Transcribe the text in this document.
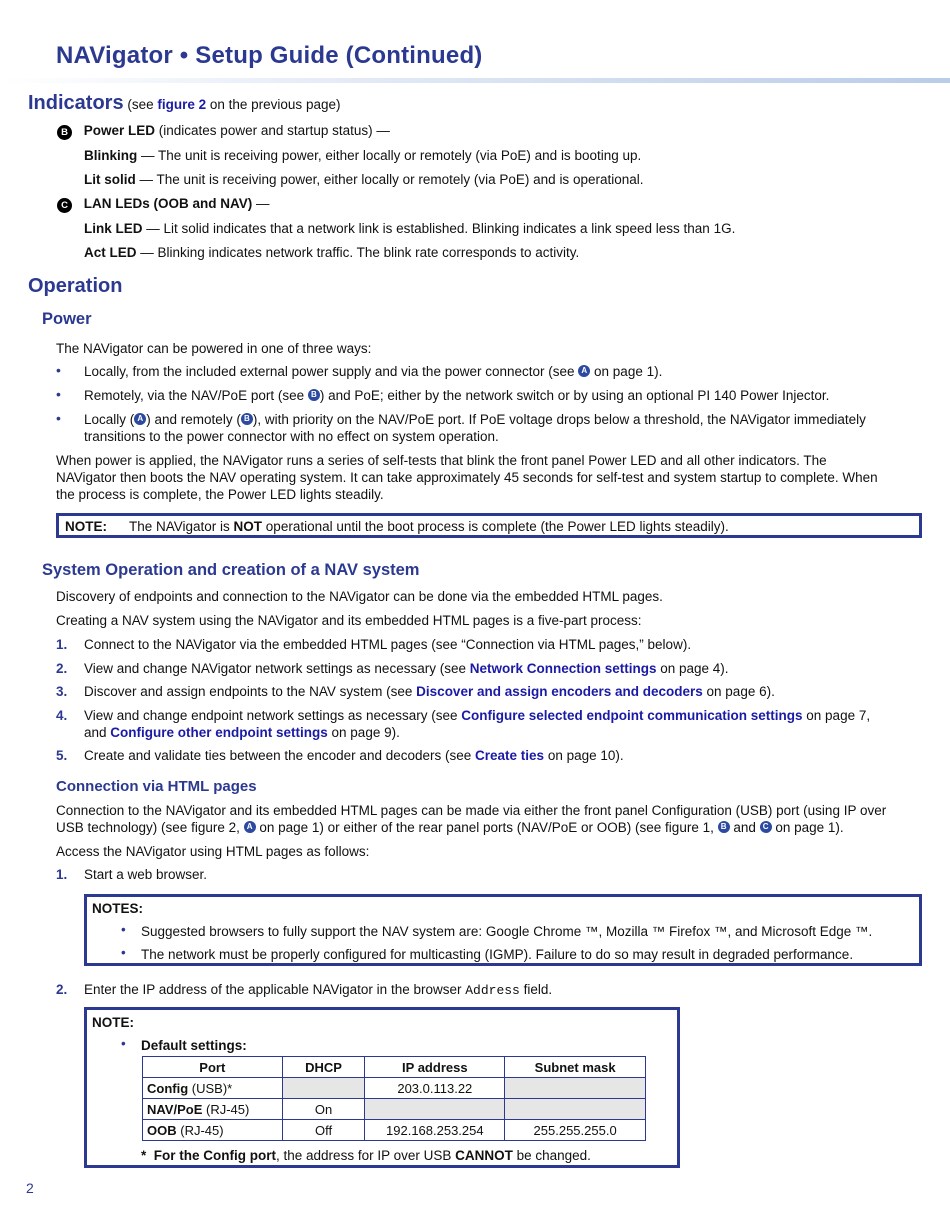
NAVigator • Setup Guide (Continued)
Indicators (see figure 2 on the previous page)
B Power LED (indicates power and startup status) —
Blinking — The unit is receiving power, either locally or remotely (via PoE) and is booting up.
Lit solid — The unit is receiving power, either locally or remotely (via PoE) and is operational.
C LAN LEDs (OOB and NAV) —
Link LED — Lit solid indicates that a network link is established. Blinking indicates a link speed less than 1G.
Act LED — Blinking indicates network traffic. The blink rate corresponds to activity.
Operation
Power
The NAVigator can be powered in one of three ways:
• Locally, from the included external power supply and via the power connector (see A on page 1).
• Remotely, via the NAV/PoE port (see B ) and PoE; either by the network switch or by using an optional PI 140 Power Injector.
• Locally ( A ) and remotely ( B ), with priority on the NAV/PoE port. If PoE voltage drops below a threshold, the NAVigator immediately
transitions to the power connector with no effect on system operation.
When power is applied, the NAVigator runs a series of self-tests that blink the front panel Power LED and all other indicators. The
NAVigator then boots the NAV operating system. It can take approximately 45 seconds for self-test and system startup to complete. When
the process is complete, the Power LED lights steadily.
NOTE: The NAVigator is NOT operational until the boot process is complete (the Power LED lights steadily).
System Operation and creation of a NAV system
Discovery of endpoints and connection to the NAVigator can be done via the embedded HTML pages.
Creating a NAV system using the NAVigator and its embedded HTML pages is a five-part process:
1. Connect to the NAVigator via the embedded HTML pages (see “Connection via HTML pages,” below).
2. View and change NAVigator network settings as necessary (see Network Connection settings on page 4).
3. Discover and assign endpoints to the NAV system (see Discover and assign encoders and decoders on page 6).
4. View and change endpoint network settings as necessary (see Configure selected endpoint communication settings on page 7,
and Configure other endpoint settings on page 9).
5. Create and validate ties between the encoder and decoders (see Create ties on page 10).
Connection via HTML pages
Connection to the NAVigator and its embedded HTML pages can be made via either the front panel Configuration (USB) port (using IP over
USB technology) (see figure 2, A on page 1) or either of the rear panel ports (NAV/PoE or OOB) (see figure 1, B and C on page 1).
Access the NAVigator using HTML pages as follows:
1. Start a web browser.
NOTES:
• Suggested browsers to fully support the NAV system are: Google Chrome ™, Mozilla ™ Firefox ™, and Microsoft Edge ™.
• The network must be properly configured for multicasting (IGMP). Failure to do so may result in degraded performance.
2. Enter the IP address of the applicable NAVigator in the browser Address field.
NOTE:
• Default settings:
Port	DHCP	IP address	Subnet mask
Config (USB)*		203.0.113.22	
NAV/PoE (RJ-45)	On		
OOB (RJ-45)	Off	192.168.253.254	255.255.255.0
* For the Config port, the address for IP over USB CANNOT be changed.
2
